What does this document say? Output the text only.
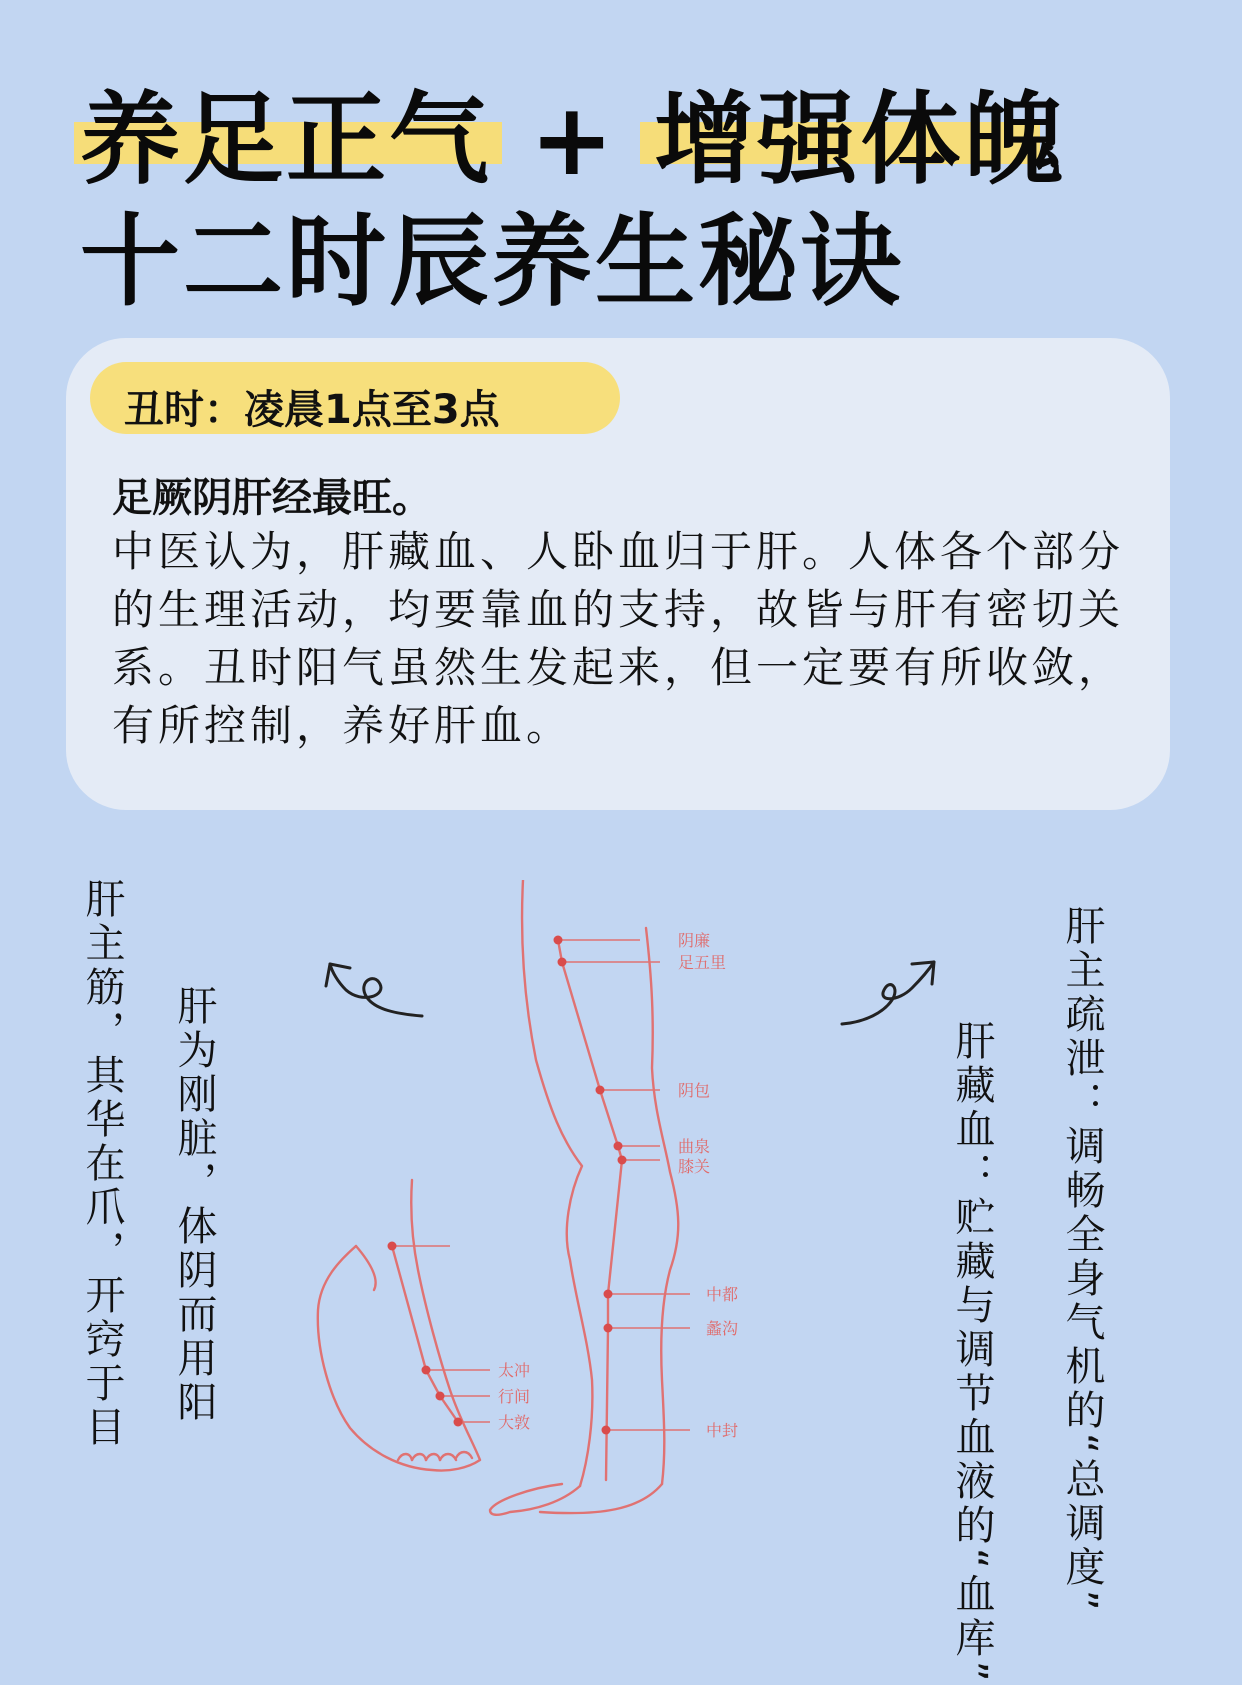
养足正气 + 增强体魄
十二时辰养生秘诀
丑时：凌晨1点至3点
足厥阴肝经最旺。
中医认为，肝藏血、人卧血归于肝。人体各个部分的生理活动，均要靠血的支持，故皆与肝有密切关系。丑时阳气虽然生发起来，但一定要有所收敛，有所控制，养好肝血。
肝主筋，其华在爪，开窍于目 肝为刚脏，体阴而用阳	肝主疏泄：调畅全身气机的“总调度”
肝藏血：贮藏与调节血液的“血库”
阴廉
足五里
阴包
曲泉
膝关
中都
蠡沟
中封
太冲
行间
大敦
